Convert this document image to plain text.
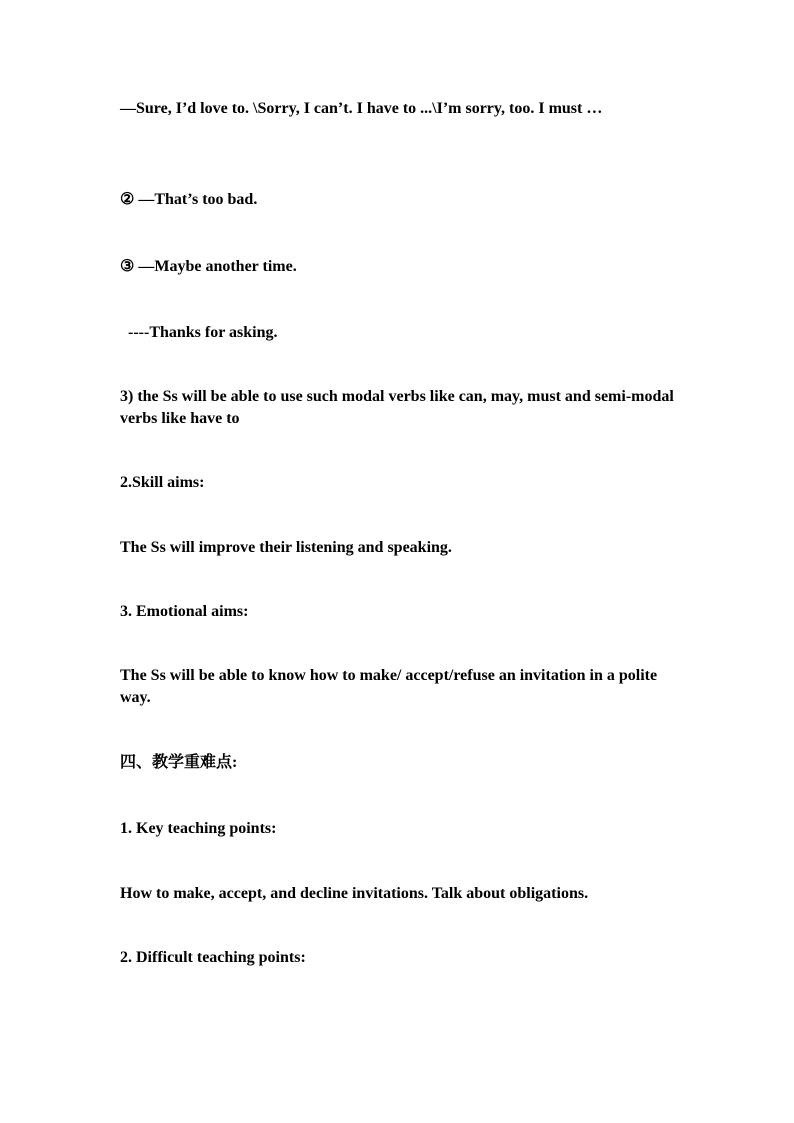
—Sure, I’d love to. \Sorry, I can’t. I have to ...\I’m sorry, too. I must …

② —That’s too bad.

③ —Maybe another time.

----Thanks for asking.

3) the Ss will be able to use such modal verbs like can, may, must and semi-modal verbs like have to

2.Skill aims:

The Ss will improve their listening and speaking.

3. Emotional aims:

The Ss will be able to know how to make/ accept/refuse an invitation in a polite way.

四、教学重难点:

1. Key teaching points:

How to make, accept, and decline invitations. Talk about obligations.

2. Difficult teaching points:
